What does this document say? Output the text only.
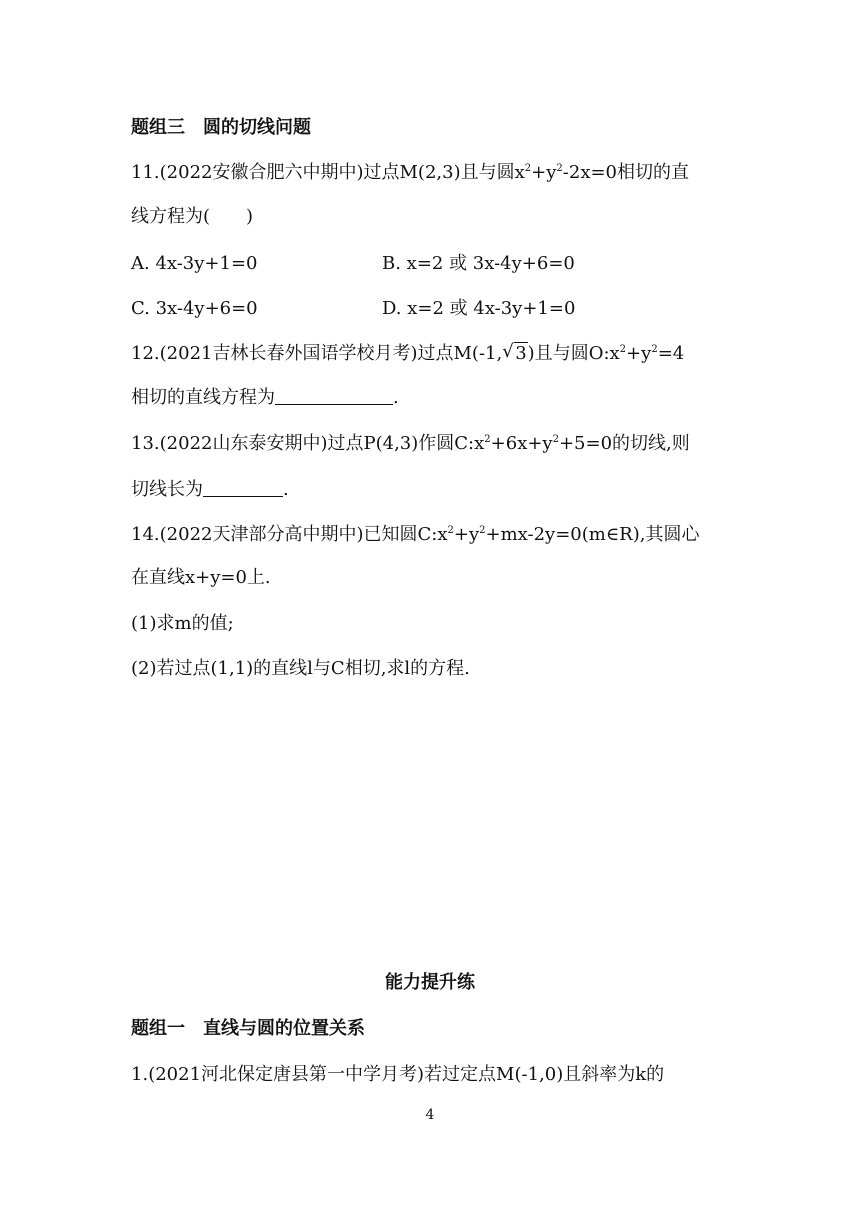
题组三　圆的切线问题
11.(2022安徽合肥六中期中)过点M(2,3)且与圆$x^2+y^2-2x=0$相切的直
线方程为(　　)
A. 4x-3y+1=0	B. x=2 或 3x-4y+6=0
C. 3x-4y+6=0	D. x=2 或 4x-3y+1=0
12.(2021吉林长春外国语学校月考)过点M(-1, √ 3)且与圆$O:x^2+y^2=4$
相切的直线方程为	.
13.(2022山东泰安期中)过点P(4,3)作圆$C:x^2+6x+y^2+5=0$的切线,则
切线长为	.
14.(2022天津部分高中期中)已知圆$C:x^2+y^2+mx-2y=0(m\in R)$,其圆心
在直线x+y=0上.
(1)求m的值;
(2)若过点(1,1)的直线l与C相切,求l的方程.
能力提升练
题组一　直线与圆的位置关系
1.(2021河北保定唐县第一中学月考)若过定点M(-1,0)且斜率为k的
4
